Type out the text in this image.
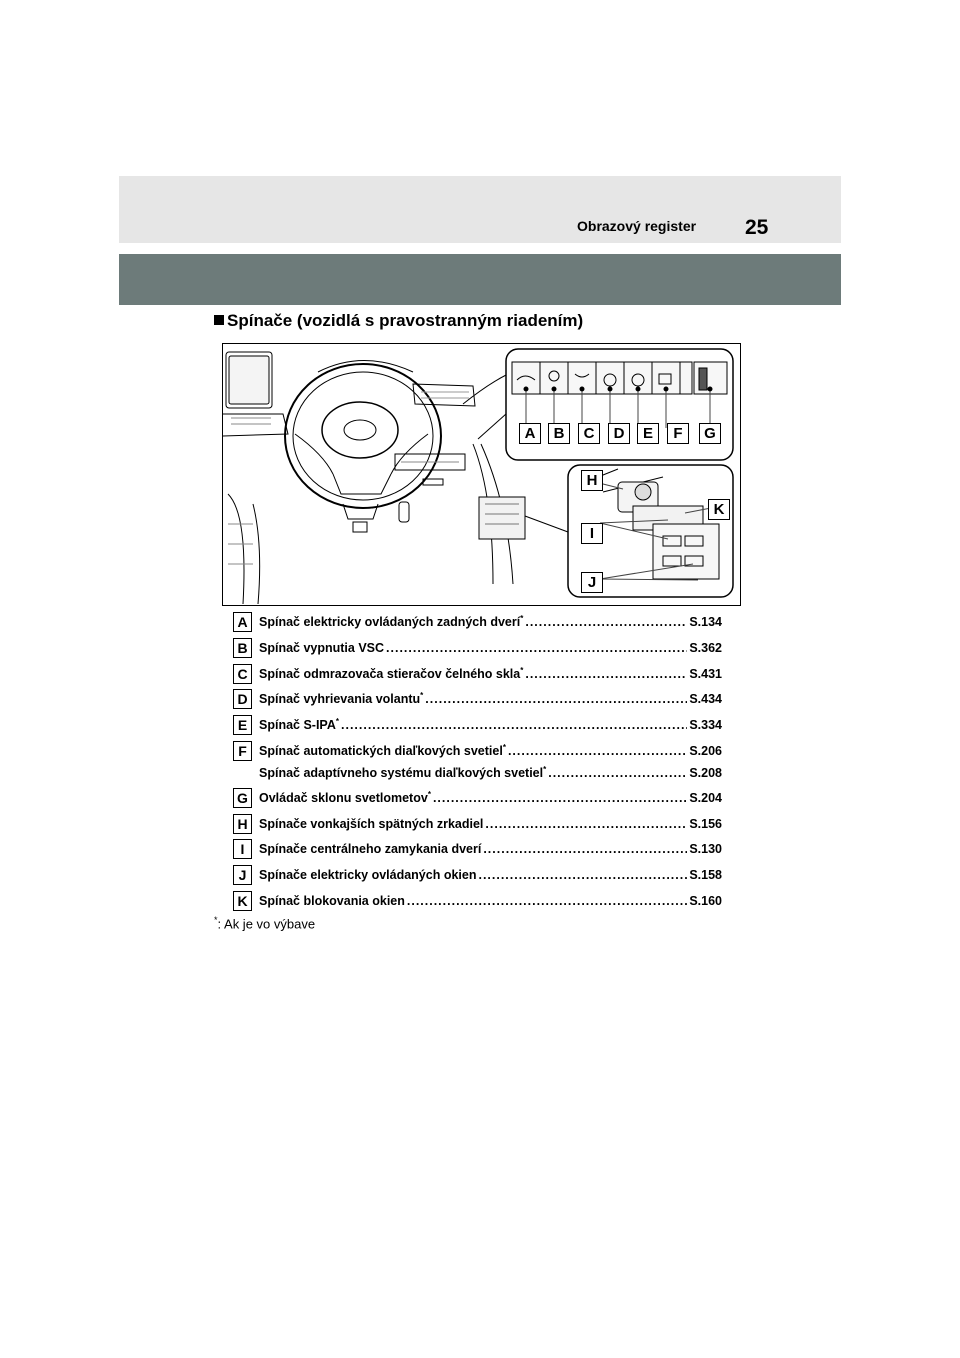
Obrazový register 25
Spínače (vozidlá s pravostranným riadením)
A	B	C	D	E	F	G
H
I
J
K
A Spínač elektricky ovládaných zadných dverí* .....	S.134
B Spínač vypnutia VSC .....	S.362
C Spínač odmrazovača stieračov čelného skla* .....	S.431
D Spínač vyhrievania volantu* .....	S.434
E Spínač S-IPA* .....	S.334
F Spínač automatických diaľkových svetiel* .....	S.206
Spínač adaptívneho systému diaľkových svetiel* .....	S.208
G Ovládač sklonu svetlometov* .....	S.204
H Spínače vonkajších spätných zrkadiel .....	S.156
I	Spínače centrálneho zamykania dverí .....	S.130
J	Spínače elektricky ovládaných okien .....	S.158
K Spínač blokovania okien .....	S.160
*: Ak je vo výbave
